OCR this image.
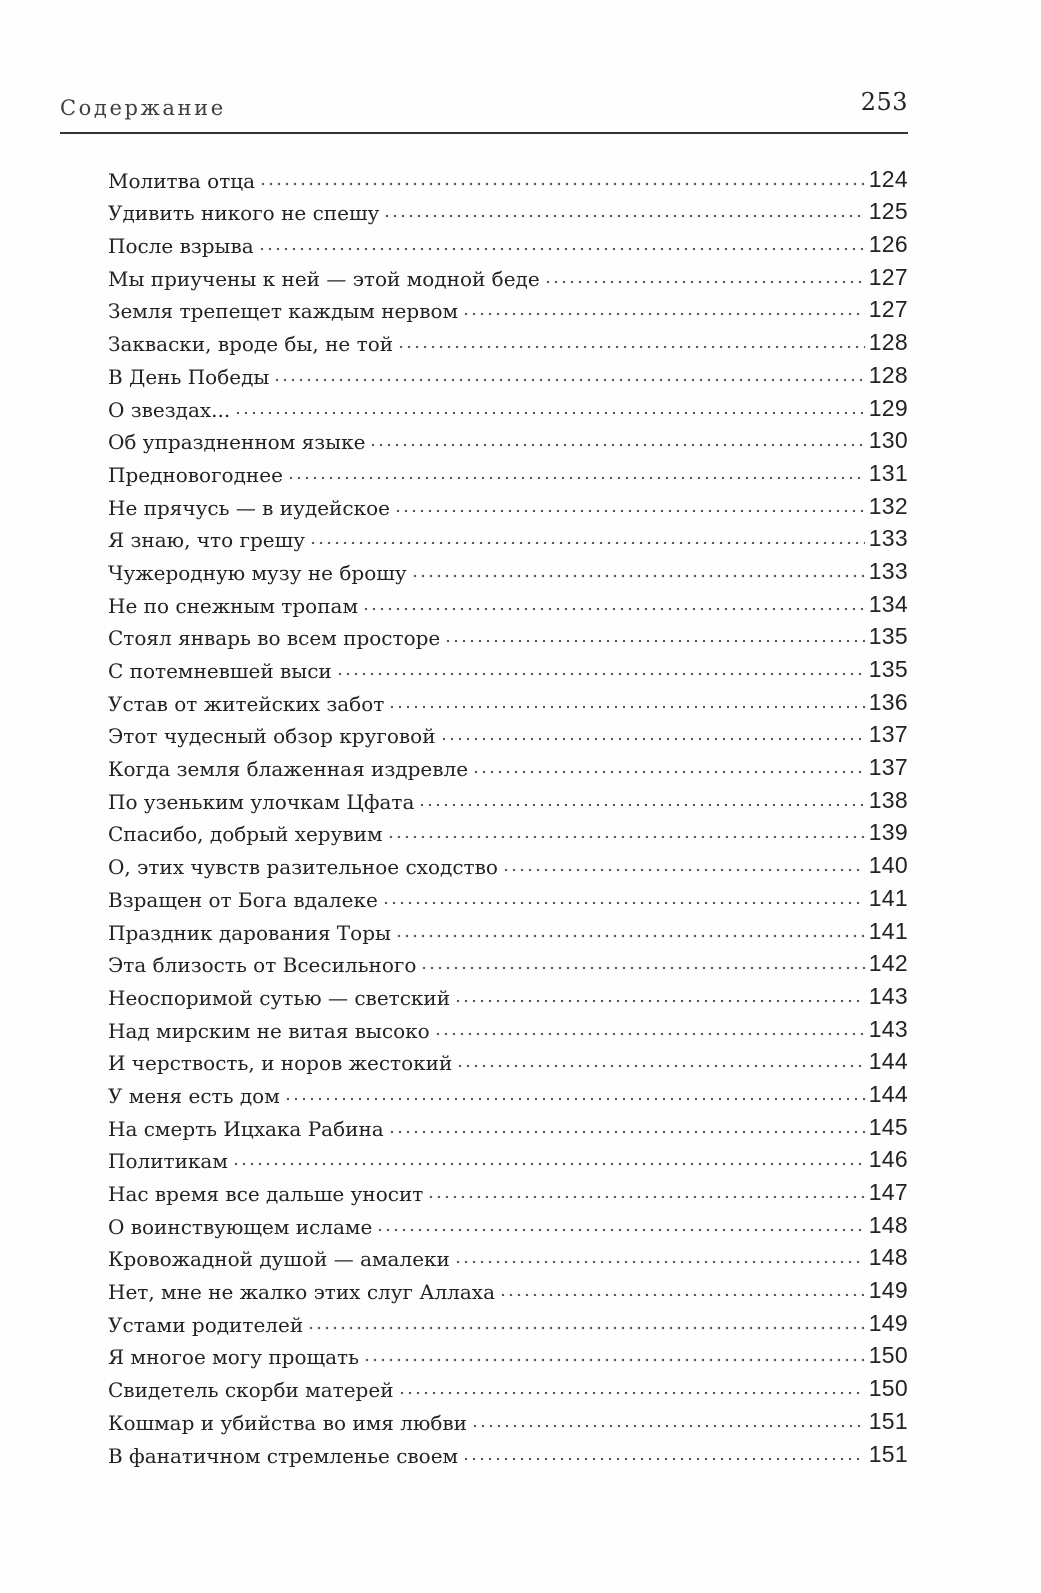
Содержание	253
Молитва отца	124
Удивить никого не спешу	125
После взрыва	126
Мы приучены к ней — этой модной беде	127
Земля трепещет каждым нервом	127
Закваски, вроде бы, не той	128
В День Победы	128
О звездах...	129
Об упраздненном языке	130
Предновогоднее	131
Не прячусь — в иудейское	132
Я знаю, что грешу	133
Чужеродную музу не брошу	133
Не по снежным тропам	134
Стоял январь во всем просторе	135
С потемневшей выси	135
Устав от житейских забот	136
Этот чудесный обзор круговой	137
Когда земля блаженная издревле	137
По узеньким улочкам Цфата	138
Спасибо, добрый херувим	139
О, этих чувств разительное сходство	140
Взращен от Бога вдалеке	141
Праздник дарования Торы	141
Эта близость от Всесильного	142
Неоспоримой сутью — светский	143
Над мирским не витая высоко	143
И черствость, и норов жестокий	144
У меня есть дом	144
На смерть Ицхака Рабина	145
Политикам	146
Нас время все дальше уносит	147
О воинствующем исламе	148
Кровожадной душой — амалеки	148
Нет, мне не жалко этих слуг Аллаха	149
Устами родителей	149
Я многое могу прощать	150
Свидетель скорби матерей	150
Кошмар и убийства во имя любви	151
В фанатичном стремленье своем	151
